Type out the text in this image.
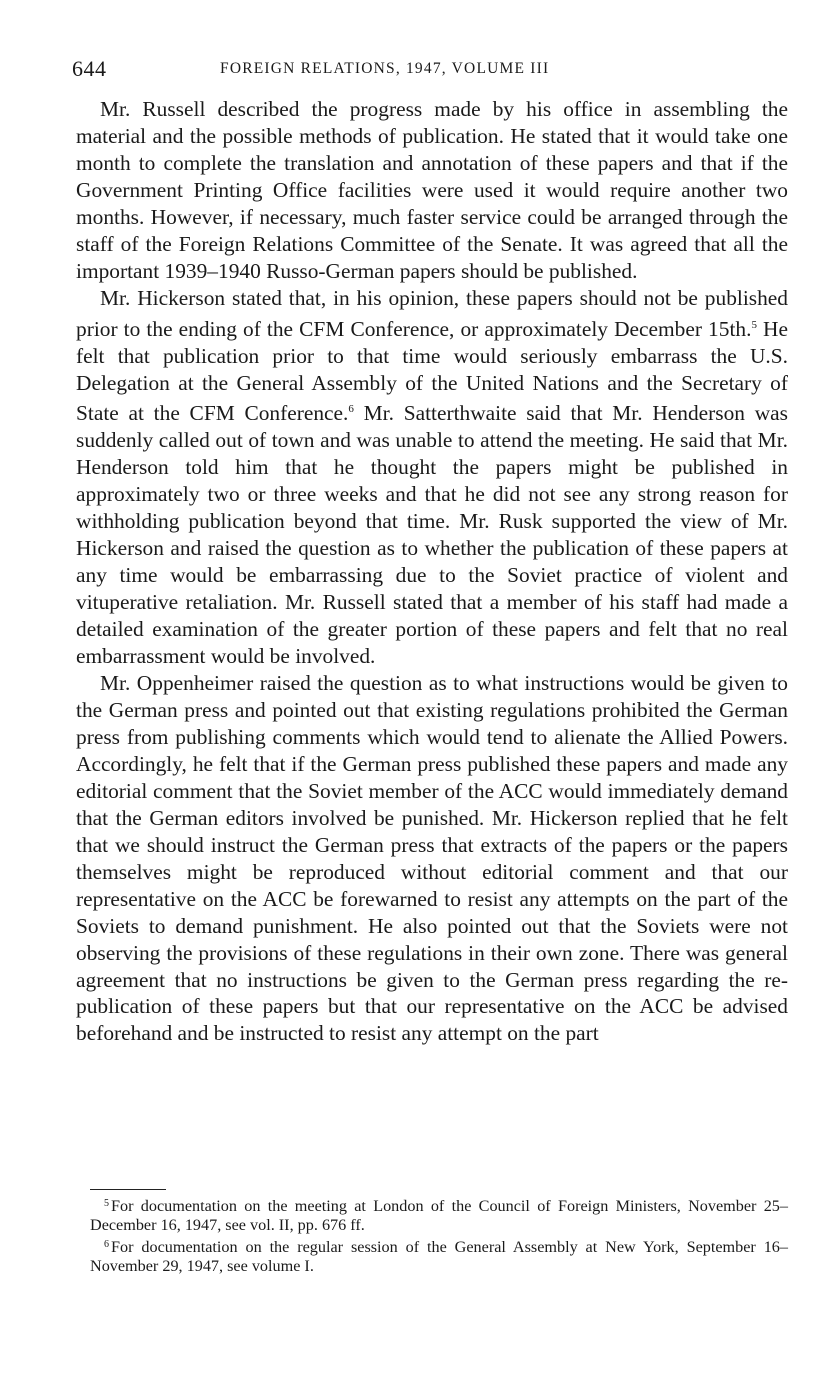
644	FOREIGN RELATIONS, 1947, VOLUME III

Mr. Russell described the progress made by his office in assembling the material and the possible methods of publication. He stated that it would take one month to complete the translation and annotation of these papers and that if the Government Printing Office facilities were used it would require another two months. However, if necessary, much faster service could be arranged through the staff of the Foreign Relations Committee of the Senate. It was agreed that all the important 1939–1940 Russo-German papers should be published.

Mr. Hickerson stated that, in his opinion, these papers should not be published prior to the ending of the CFM Conference, or approximately December 15th.$^5$ He felt that publication prior to that time would seriously embarrass the U.S. Delegation at the General Assembly of the United Nations and the Secretary of State at the CFM Conference.$^6$ Mr. Satterthwaite said that Mr. Henderson was suddenly called out of town and was unable to attend the meeting. He said that Mr. Henderson told him that he thought the papers might be published in approximately two or three weeks and that he did not see any strong reason for withholding publication beyond that time. Mr. Rusk supported the view of Mr. Hickerson and raised the question as to whether the publication of these papers at any time would be embarrassing due to the Soviet practice of violent and vituperative retaliation. Mr. Russell stated that a member of his staff had made a detailed examination of the greater portion of these papers and felt that no real embarrassment would be involved.

Mr. Oppenheimer raised the question as to what instructions would be given to the German press and pointed out that existing regulations prohibited the German press from publishing comments which would tend to alienate the Allied Powers. Accordingly, he felt that if the German press published these papers and made any editorial comment that the Soviet member of the ACC would immediately demand that the German editors involved be punished. Mr. Hickerson replied that he felt that we should instruct the German press that extracts of the papers or the papers themselves might be reproduced without editorial comment and that our representative on the ACC be forewarned to resist any attempts on the part of the Soviets to demand punishment. He also pointed out that the Soviets were not observing the provisions of these regulations in their own zone. There was general agreement that no instructions be given to the German press regarding the re-publication of these papers but that our representative on the ACC be advised beforehand and be instructed to resist any attempt on the part

$^5$ For documentation on the meeting at London of the Council of Foreign Ministers, November 25–December 16, 1947, see vol. II, pp. 676 ff.

$^6$ For documentation on the regular session of the General Assembly at New York, September 16–November 29, 1947, see volume I.
